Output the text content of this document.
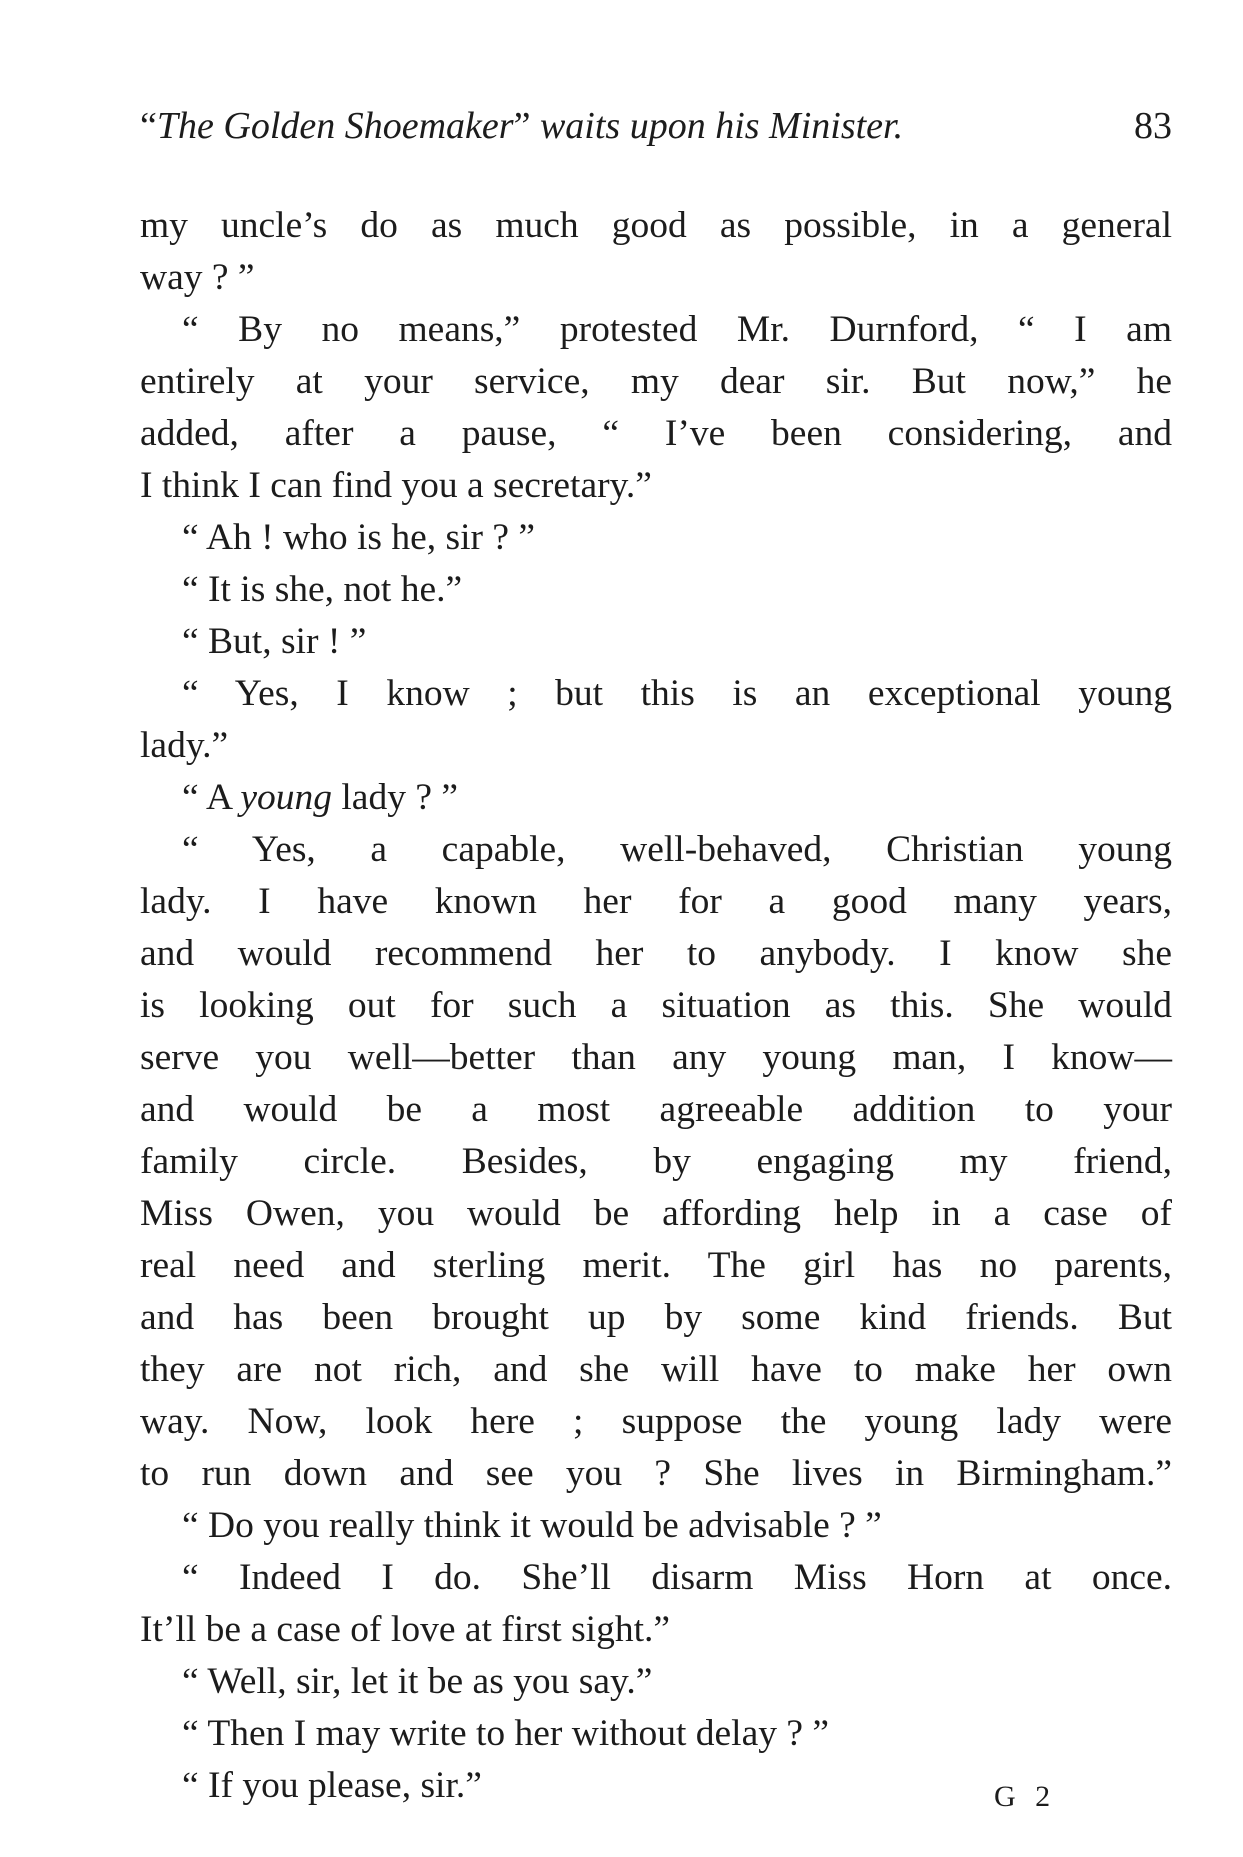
“The Golden Shoemaker” waits upon his Minister.	83
my uncle’s do as much good as possible, in a general
way ? ”
“ By no means,” protested Mr. Durnford, “ I am
entirely at your service, my dear sir. But now,” he
added, after a pause, “ I’ve been considering, and
I think I can find you a secretary.”
“ Ah ! who is he, sir ? ”
“ It is she, not he.”
“ But, sir ! ”
“ Yes, I know ; but this is an exceptional young
lady.”
“ A young lady ? ”
“ Yes, a capable, well-behaved, Christian young
lady. I have known her for a good many years,
and would recommend her to anybody. I know she
is looking out for such a situation as this. She would
serve you well—better than any young man, I know—
and would be a most agreeable addition to your
family circle. Besides, by engaging my friend,
Miss Owen, you would be affording help in a case of
real need and sterling merit. The girl has no parents,
and has been brought up by some kind friends. But
they are not rich, and she will have to make her own
way. Now, look here ; suppose the young lady were
to run down and see you ? She lives in Birmingham.”
“ Do you really think it would be advisable ? ”
“ Indeed I do. She’ll disarm Miss Horn at once.
It’ll be a case of love at first sight.”
“ Well, sir, let it be as you say.”
“ Then I may write to her without delay ? ”
“ If you please, sir.”	G 2
